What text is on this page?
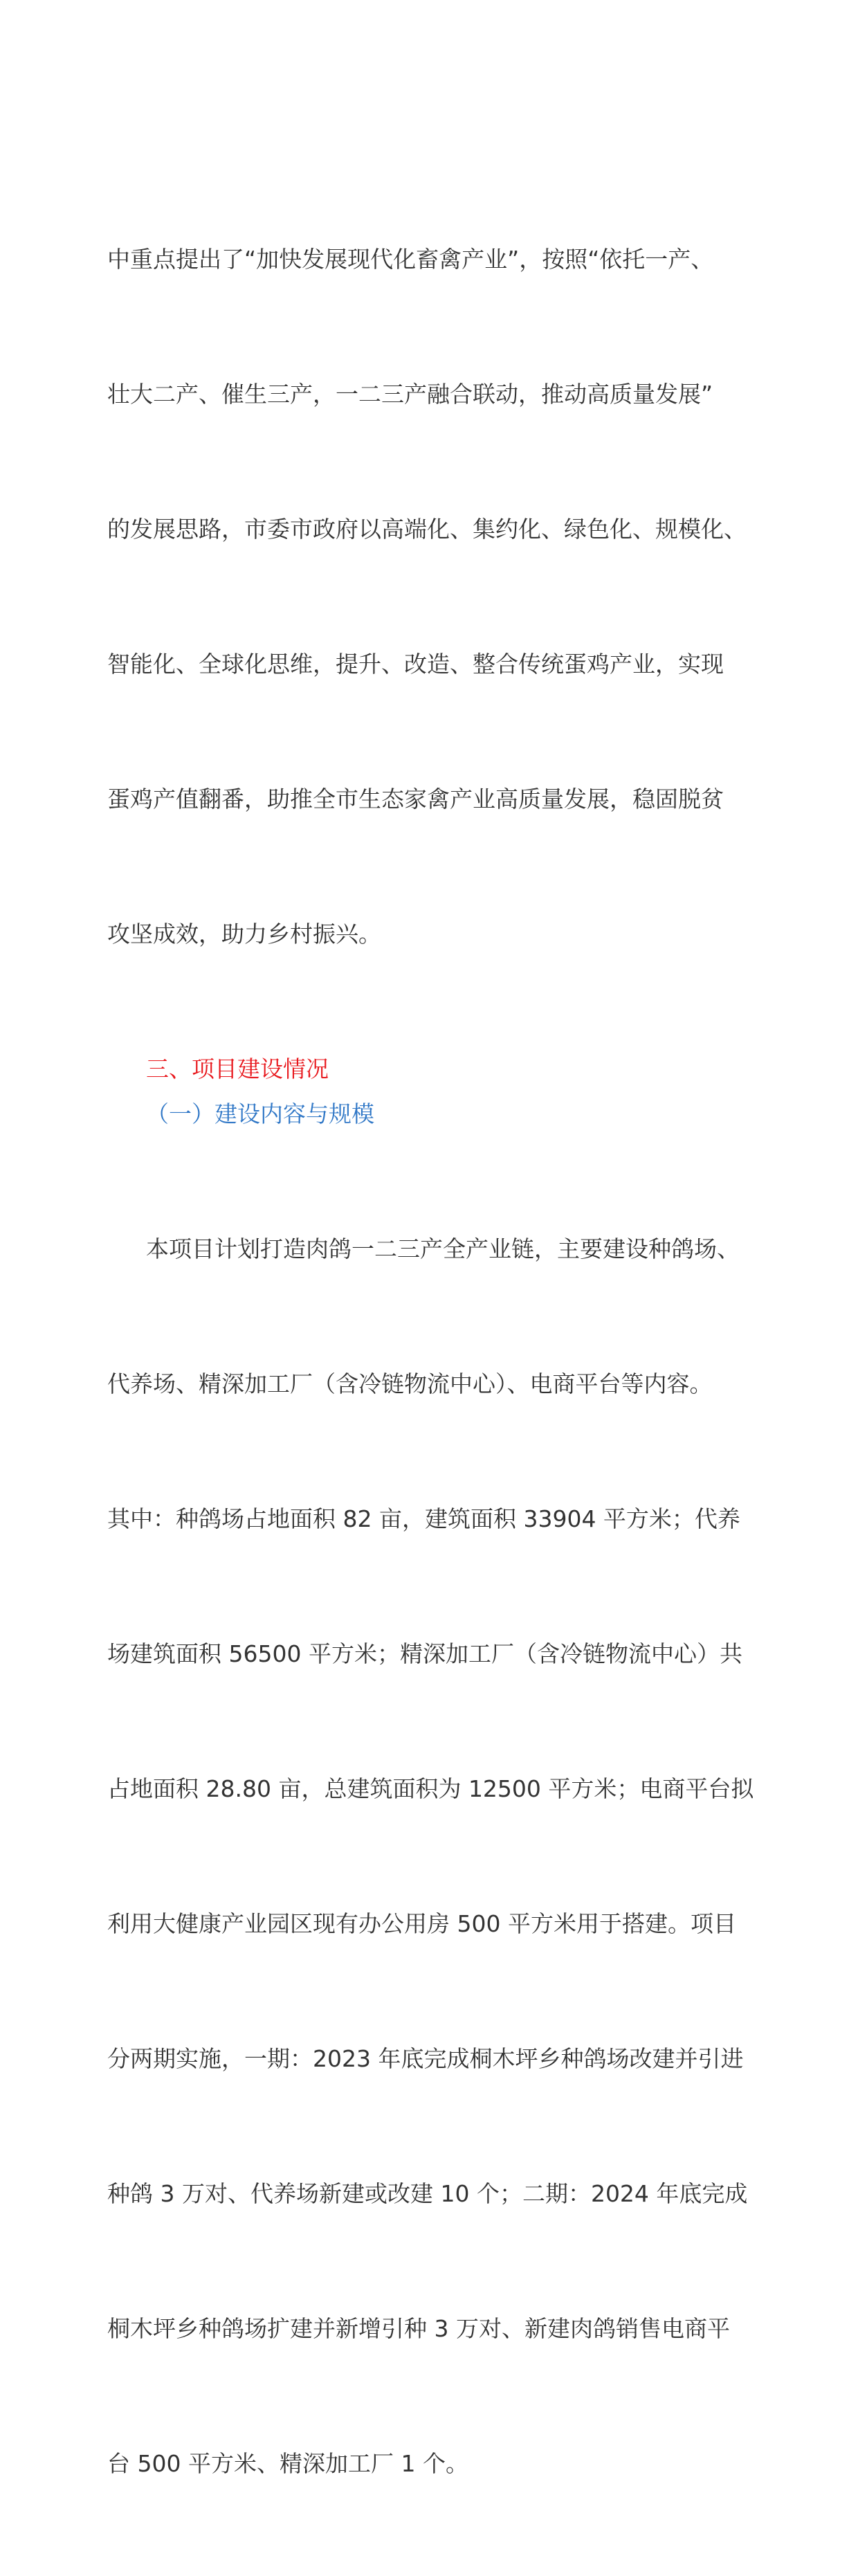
中重点提出了“加快发展现代化畜禽产业”，按照“依托一产、

壮大二产、催生三产，一二三产融合联动，推动高质量发展”

的发展思路，市委市政府以高端化、集约化、绿色化、规模化、

智能化、全球化思维，提升、改造、整合传统蛋鸡产业，实现

蛋鸡产值翻番，助推全市生态家禽产业高质量发展，稳固脱贫

攻坚成效，助力乡村振兴。

三、项目建设情况
（一）建设内容与规模

本项目计划打造肉鸽一二三产全产业链，主要建设种鸽场、

代养场、精深加工厂（含冷链物流中心）、电商平台等内容。

其中：种鸽场占地面积 82 亩，建筑面积 33904 平方米；代养

场建筑面积 56500 平方米；精深加工厂（含冷链物流中心）共

占地面积 28.80 亩，总建筑面积为 12500 平方米；电商平台拟

利用大健康产业园区现有办公用房 500 平方米用于搭建。项目

分两期实施，一期：2023 年底完成桐木坪乡种鸽场改建并引进

种鸽 3 万对、代养场新建或改建 10 个；二期：2024 年底完成

桐木坪乡种鸽场扩建并新增引种 3 万对、新建肉鸽销售电商平

台 500 平方米、精深加工厂 1 个。
